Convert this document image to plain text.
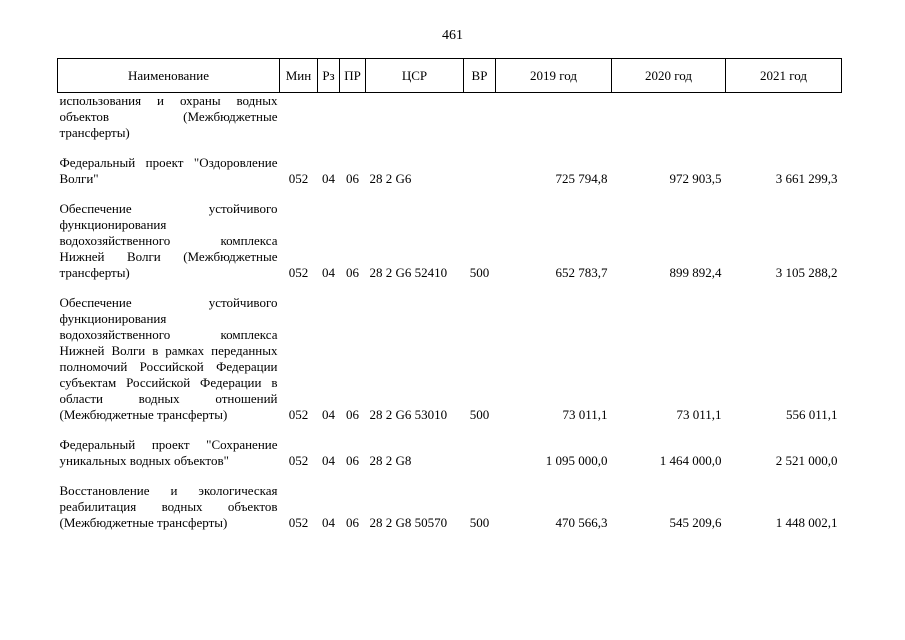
461
Наименование	Мин	Рз	ПР	ЦСР	ВР	2019 год	2020 год	2021 год
использования и охраны водных объектов (Межбюджетные трансферты)								

Федеральный проект "Оздоровление Волги"	052	04	06	28 2 G6		725 794,8	972 903,5	3 661 299,3

Обеспечение устойчивого функционирования водохозяйственного комплекса Нижней Волги (Межбюджетные трансферты)	052	04	06	28 2 G6 52410	500	652 783,7	899 892,4	3 105 288,2

Обеспечение устойчивого функционирования водохозяйственного комплекса Нижней Волги в рамках переданных полномочий Российской Федерации субъектам Российской Федерации в области водных отношений (Межбюджетные трансферты)	052	04	06	28 2 G6 53010	500	73 011,1	73 011,1	556 011,1

Федеральный проект "Сохранение уникальных водных объектов"	052	04	06	28 2 G8		1 095 000,0	1 464 000,0	2 521 000,0

Восстановление и экологическая реабилитация водных объектов (Межбюджетные трансферты)	052	04	06	28 2 G8 50570	500	470 566,3	545 209,6	1 448 002,1
